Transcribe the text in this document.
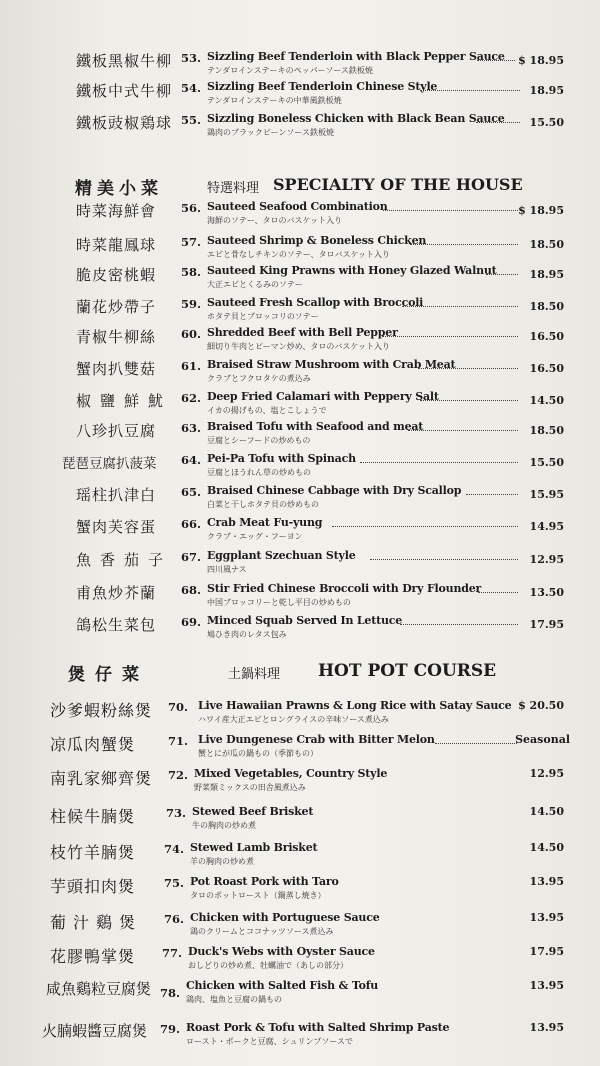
鐵板黑椒牛柳 53. Sizzling Beef Tenderloin with Black Pepper Sauce
テンダロインステーキのペッパーソース鉄板焼
$ 18.95
鐵板中式牛柳 54. Sizzling Beef Tenderloin Chinese Style
テンダロインステーキの中華風鉄板焼
18.95
鐵板豉椒鶏球 55. Sizzling Boneless Chicken with Black Bean Sauce
鶏肉のブラックビーンソース鉄板焼
15.50
精美小菜	特選料理 SPECIALTY OF THE HOUSE
時菜海鮮會	56. Sauteed Seafood Combination
海鮮のソテー、タロのバスケット入り
$ 18.95
時菜龍鳳球	57. Sauteed Shrimp & Boneless Chicken
エビと骨なしチキンのソテー、タロバスケット入り
18.50
脆皮密桃蝦	58. Sauteed King Prawns with Honey Glazed Walnut
大正エビとくるみのソテー
18.95
蘭花炒帶子	59. Sauteed Fresh Scallop with Broccoli
ホタテ貝とブロッコリのソテー
18.50
青椒牛柳絲	60. Shredded Beef with Bell Pepper
細切り牛肉とピーマン炒め、タロのバスケット入り
16.50
蟹肉扒雙菇	61. Braised Straw Mushroom with Crab Meat
クラブとフクロタケの煮込み
16.50
椒鹽鮮魷 62. Deep Fried Calamari with Peppery Salt
イカの揚げもの、塩とこしょうで
14.50
八珍扒豆腐	63. Braised Tofu with Seafood and meat
豆腐とシーフードの炒めもの
18.50
琵琶豆腐扒菠菜	64. Pei-Pa Tofu with Spinach
豆腐とほうれん草の炒めもの
15.50
瑶柱扒津白	65. Braised Chinese Cabbage with Dry Scallop
白菜と干しホタテ貝の炒めもの
15.95
蟹肉芙容蛋	66. Crab Meat Fu-yung
クラブ・エッグ・フーヨン
14.95
魚香茄子 67. Eggplant Szechuan Style
四川風ナス
12.95
甫魚炒芥蘭	68. Stir Fried Chinese Broccoli with Dry Flounder
中国ブロッコリーと乾し平目の炒めもの
13.50
鴿松生菜包	69. Minced Squab Served In Lettuce
鳩ひき肉のレタス包み
17.95
煲仔菜	土鍋料理 HOT POT COURSE
沙爹蝦粉絲煲	70. Live Hawaiian Prawns & Long Rice with Satay Sauce
ハワイ産大正エビとロングライスの辛味ソース煮込み
$ 20.50
凉瓜肉蟹煲	71. Live Dungenese Crab with Bitter Melon
蟹とにが瓜の鍋もの（季節もの）
Seasonal
南乳家鄉齊煲	72. Mixed Vegetables, Country Style
野菜類ミックスの田舎風煮込み
12.95
柱候牛腩煲	73. Stewed Beef Brisket
牛の胸肉の炒め煮
14.50
枝竹羊腩煲	74. Stewed Lamb Brisket
羊の胸肉の炒め煮
14.50
芋頭扣肉煲	75. Pot Roast Pork with Taro
タロのポットロースト（鍋蒸し焼き）
13.95
葡汁鷄煲	76. Chicken with Portuguese Sauce
鶏のクリームとココナッツソース煮込み
13.95
花膠鴨掌煲	77. Duck's Webs with Oyster Sauce
おしどりの炒め煮、牡蠣油で（あしの部分）
17.95
咸魚鷄粒豆腐煲 78.
Chicken with Salted Fish & Tofu
鶏肉、塩魚と豆腐の鍋もの
13.95
火腩蝦醬豆腐煲	79. Roast Pork & Tofu with Salted Shrimp Paste
ロースト・ポークと豆腐、シュリンプソースで
13.95
